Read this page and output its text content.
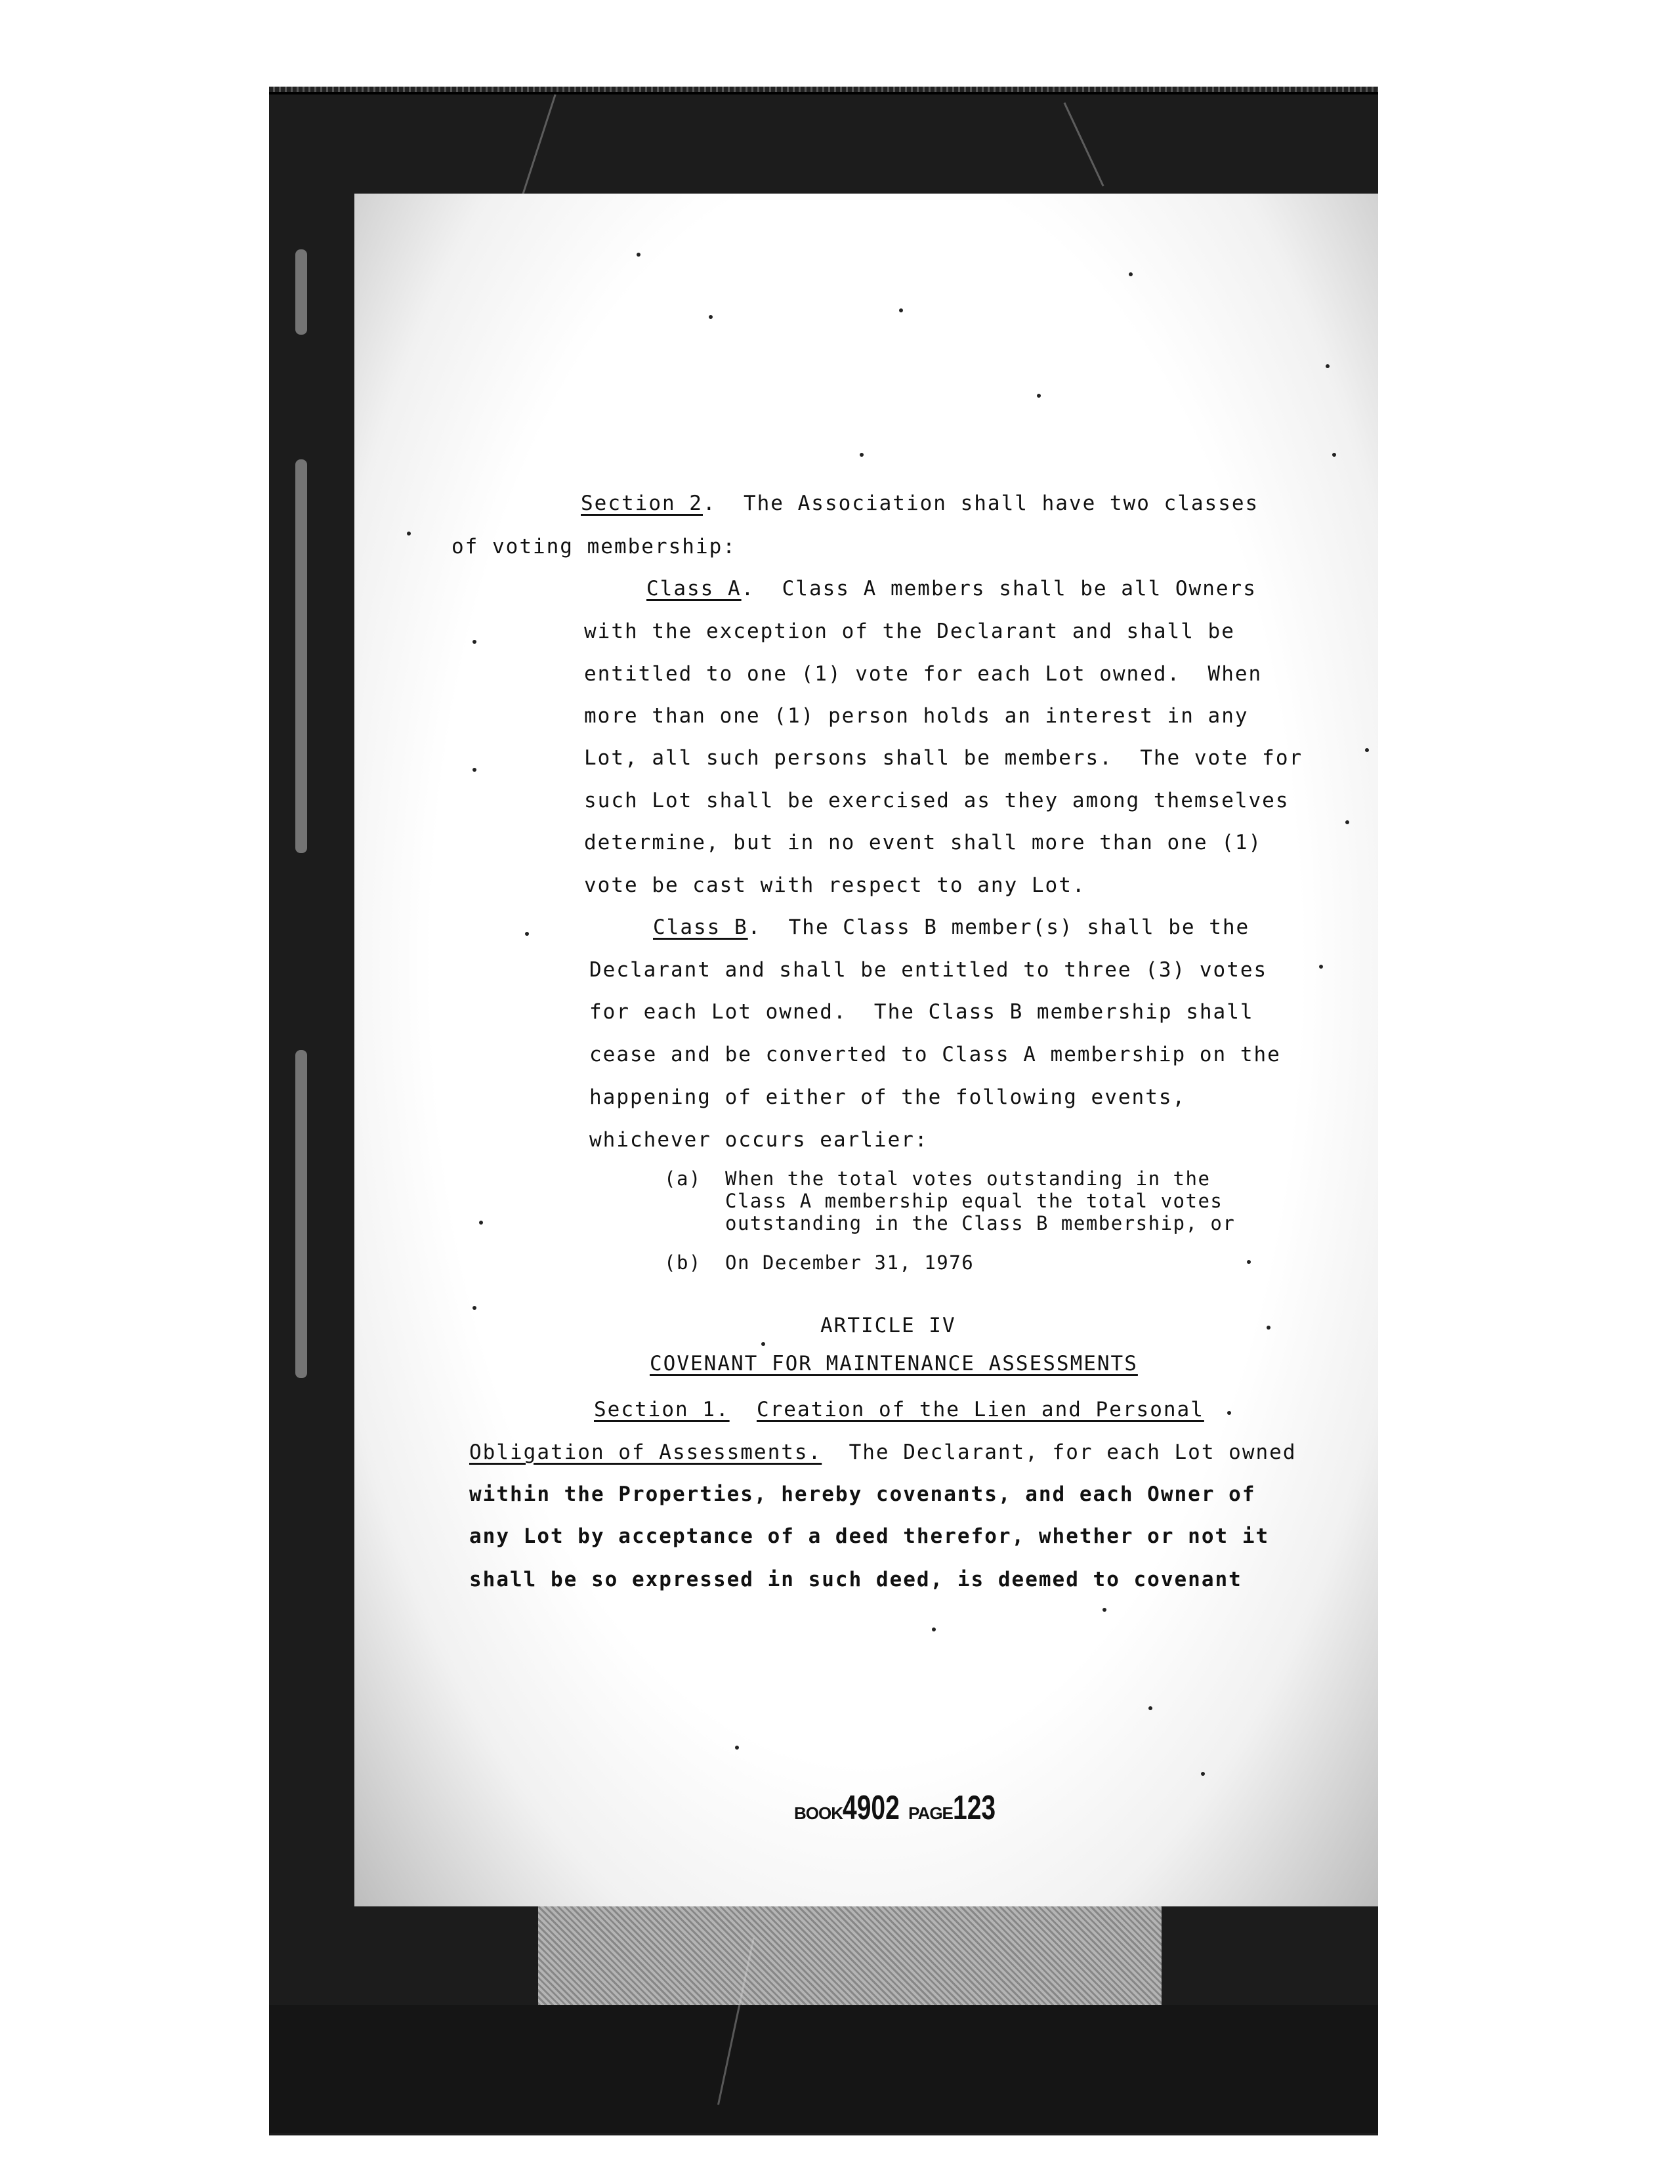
Section 2.  The Association shall have two classes

of voting membership:

Class A.  Class A members shall be all Owners

with the exception of the Declarant and shall be

entitled to one (1) vote for each Lot owned.  When

more than one (1) person holds an interest in any

Lot, all such persons shall be members.  The vote for

such Lot shall be exercised as they among themselves

determine, but in no event shall more than one (1)

vote be cast with respect to any Lot.

Class B.  The Class B member(s) shall be the

Declarant and shall be entitled to three (3) votes

for each Lot owned.  The Class B membership shall

cease and be converted to Class A membership on the

happening of either of the following events,

whichever occurs earlier:

(a) When the total votes outstanding in the

Class A membership equal the total votes

outstanding in the Class B membership, or

(b) On December 31, 1976

ARTICLE IV

COVENANT FOR MAINTENANCE ASSESSMENTS

Section 1. Creation of the Lien and Personal

Obligation of Assessments.  The Declarant, for each Lot owned

within the Properties, hereby covenants, and each Owner of

any Lot by acceptance of a deed therefor, whether or not it

shall be so expressed in such deed, is deemed to covenant

BOOK4902 PAGE123
